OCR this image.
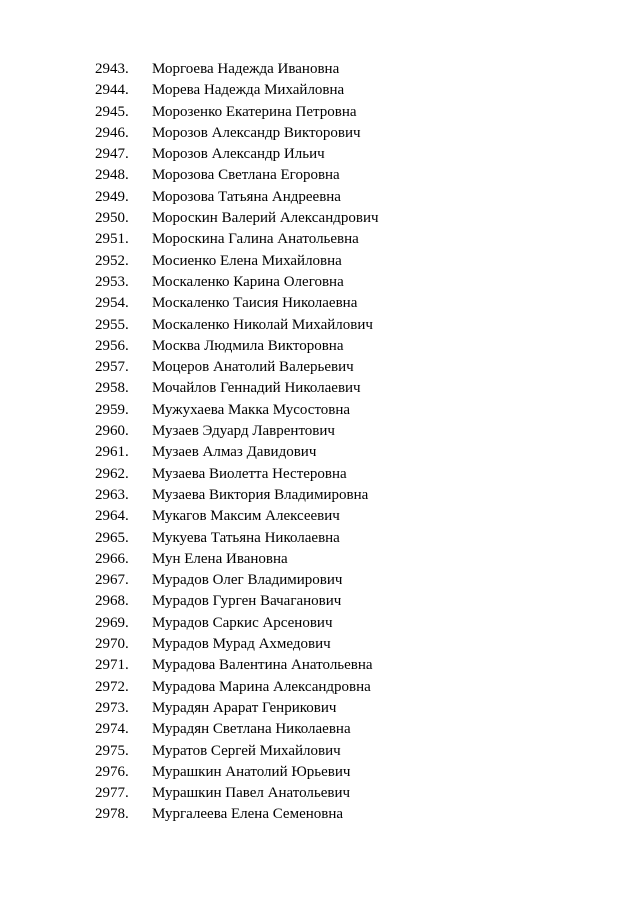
2943. Моргоева Надежда Ивановна
2944. Морева Надежда Михайловна
2945. Морозенко Екатерина Петровна
2946. Морозов Александр Викторович
2947. Морозов Александр Ильич
2948. Морозова Светлана Егоровна
2949. Морозова Татьяна Андреевна
2950. Мороскин Валерий Александрович
2951. Мороскина Галина Анатольевна
2952. Мосиенко Елена Михайловна
2953. Москаленко Карина Олеговна
2954. Москаленко Таисия Николаевна
2955. Москаленко Николай Михайлович
2956. Москва Людмила Викторовна
2957. Моцеров Анатолий Валерьевич
2958. Мочайлов Геннадий Николаевич
2959. Мужухаева Макка Мусостовна
2960. Музаев Эдуард Лаврентович
2961. Музаев Алмаз Давидович
2962. Музаева Виолетта Нестеровна
2963. Музаева Виктория Владимировна
2964. Мукагов Максим Алексеевич
2965. Мукуева Татьяна Николаевна
2966. Мун Елена Ивановна
2967. Мурадов Олег Владимирович
2968. Мурадов Гурген Вачаганович
2969. Мурадов Саркис Арсенович
2970. Мурадов Мурад Ахмедович
2971. Мурадова Валентина Анатольевна
2972. Мурадова Марина Александровна
2973. Мурадян Арарат Генрикович
2974. Мурадян Светлана Николаевна
2975. Муратов Сергей Михайлович
2976. Мурашкин Анатолий Юрьевич
2977. Мурашкин Павел Анатольевич
2978. Мургалеева Елена Семеновна
